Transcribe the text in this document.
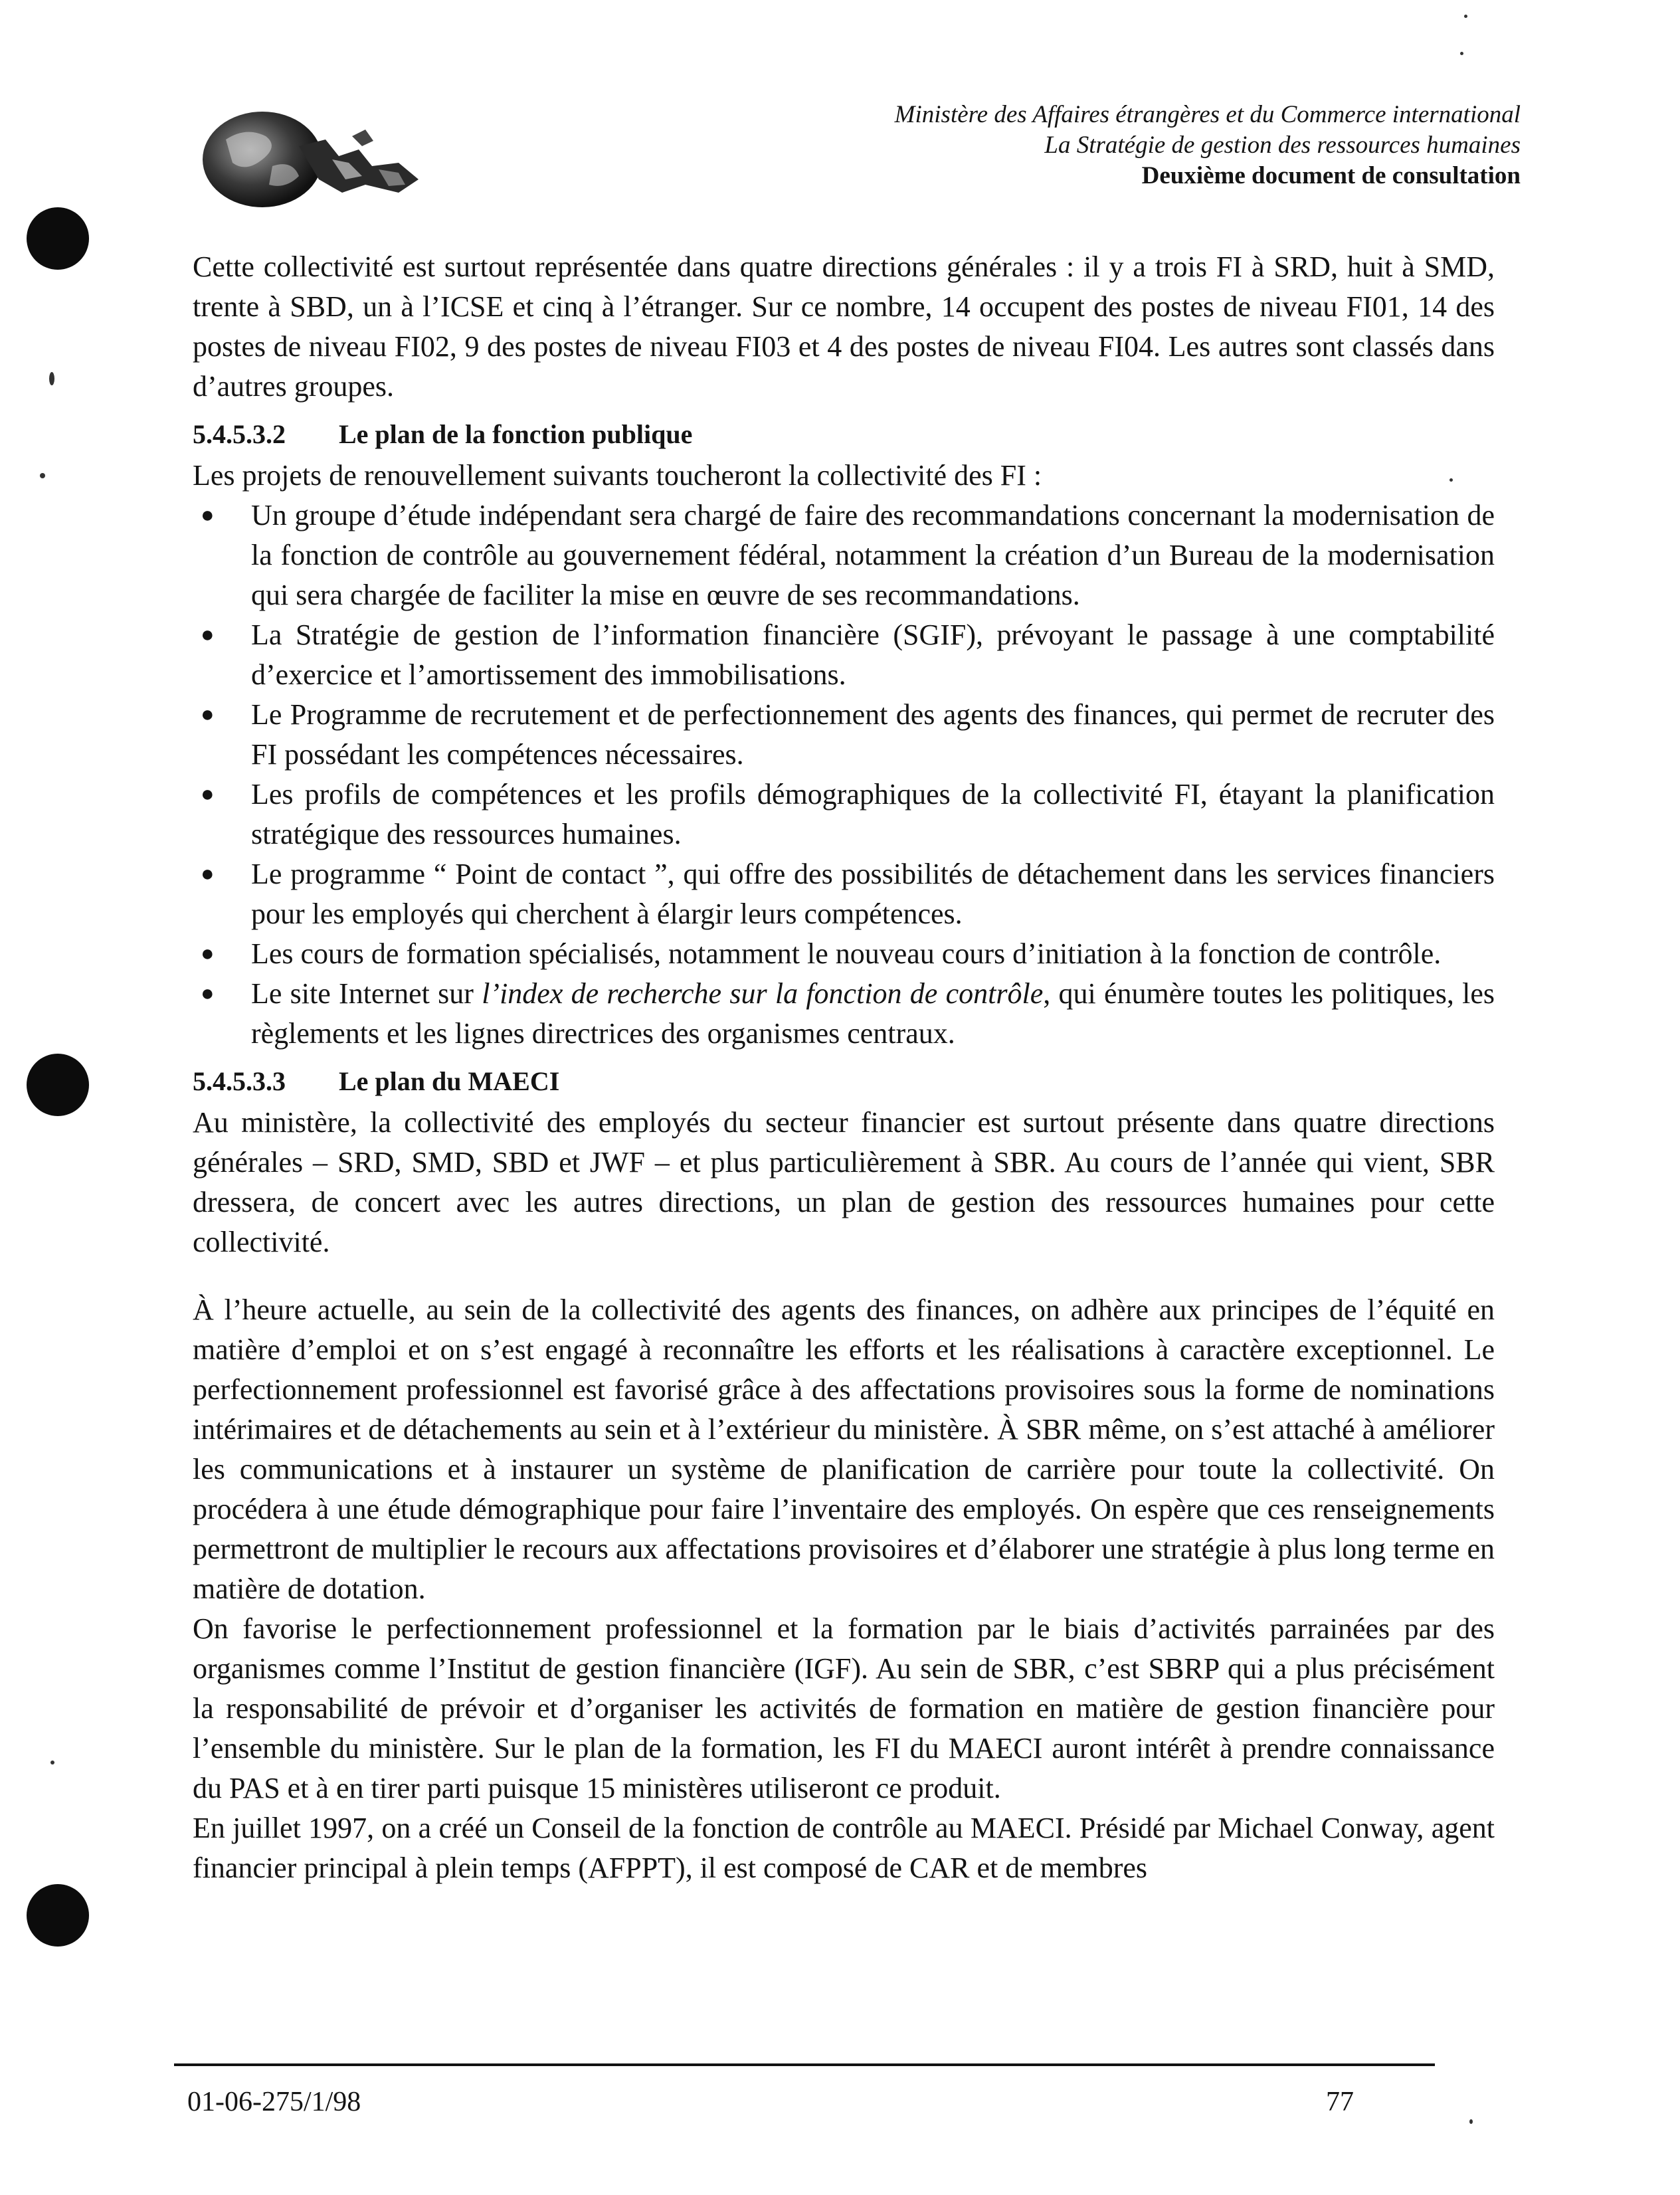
Ministère des Affaires étrangères et du Commerce international
La Stratégie de gestion des ressources humaines
Deuxième document de consultation

Cette collectivité est surtout représentée dans quatre directions générales : il y a trois FI à SRD, huit à SMD, trente à SBD, un à l’ICSE et cinq à l’étranger. Sur ce nombre, 14 occupent des postes de niveau FI01, 14 des postes de niveau FI02, 9 des postes de niveau FI03 et 4 des postes de niveau FI04. Les autres sont classés dans d’autres groupes.

5.4.5.3.2 Le plan de la fonction publique

Les projets de renouvellement suivants toucheront la collectivité des FI :

● Un groupe d’étude indépendant sera chargé de faire des recommandations concernant la modernisation de la fonction de contrôle au gouvernement fédéral, notamment la création d’un Bureau de la modernisation qui sera chargée de faciliter la mise en œuvre de ses recommandations.
● La Stratégie de gestion de l’information financière (SGIF), prévoyant le passage à une comptabilité d’exercice et l’amortissement des immobilisations.
● Le Programme de recrutement et de perfectionnement des agents des finances, qui permet de recruter des FI possédant les compétences nécessaires.
● Les profils de compétences et les profils démographiques de la collectivité FI, étayant la planification stratégique des ressources humaines.
● Le programme “ Point de contact ”, qui offre des possibilités de détachement dans les services financiers pour les employés qui cherchent à élargir leurs compétences.
● Les cours de formation spécialisés, notamment le nouveau cours d’initiation à la fonction de contrôle.
● Le site Internet sur l’index de recherche sur la fonction de contrôle, qui énumère toutes les politiques, les règlements et les lignes directrices des organismes centraux.
5.4.5.3.3 Le plan du MAECI

Au ministère, la collectivité des employés du secteur financier est surtout présente dans quatre directions générales – SRD, SMD, SBD et JWF – et plus particulièrement à SBR. Au cours de l’année qui vient, SBR dressera, de concert avec les autres directions, un plan de gestion des ressources humaines pour cette collectivité.

À l’heure actuelle, au sein de la collectivité des agents des finances, on adhère aux principes de l’équité en matière d’emploi et on s’est engagé à reconnaître les efforts et les réalisations à caractère exceptionnel. Le perfectionnement professionnel est favorisé grâce à des affectations provisoires sous la forme de nominations intérimaires et de détachements au sein et à l’extérieur du ministère. À SBR même, on s’est attaché à améliorer les communications et à instaurer un système de planification de carrière pour toute la collectivité. On procédera à une étude démographique pour faire l’inventaire des employés. On espère que ces renseignements permettront de multiplier le recours aux affectations provisoires et d’élaborer une stratégie à plus long terme en matière de dotation.

On favorise le perfectionnement professionnel et la formation par le biais d’activités parrainées par des organismes comme l’Institut de gestion financière (IGF). Au sein de SBR, c’est SBRP qui a plus précisément la responsabilité de prévoir et d’organiser les activités de formation en matière de gestion financière pour l’ensemble du ministère. Sur le plan de la formation, les FI du MAECI auront intérêt à prendre connaissance du PAS et à en tirer parti puisque 15 ministères utiliseront ce produit.

En juillet 1997, on a créé un Conseil de la fonction de contrôle au MAECI. Présidé par Michael Conway, agent financier principal à plein temps (AFPPT), il est composé de CAR et de membres

01-06-275/1/98	77
